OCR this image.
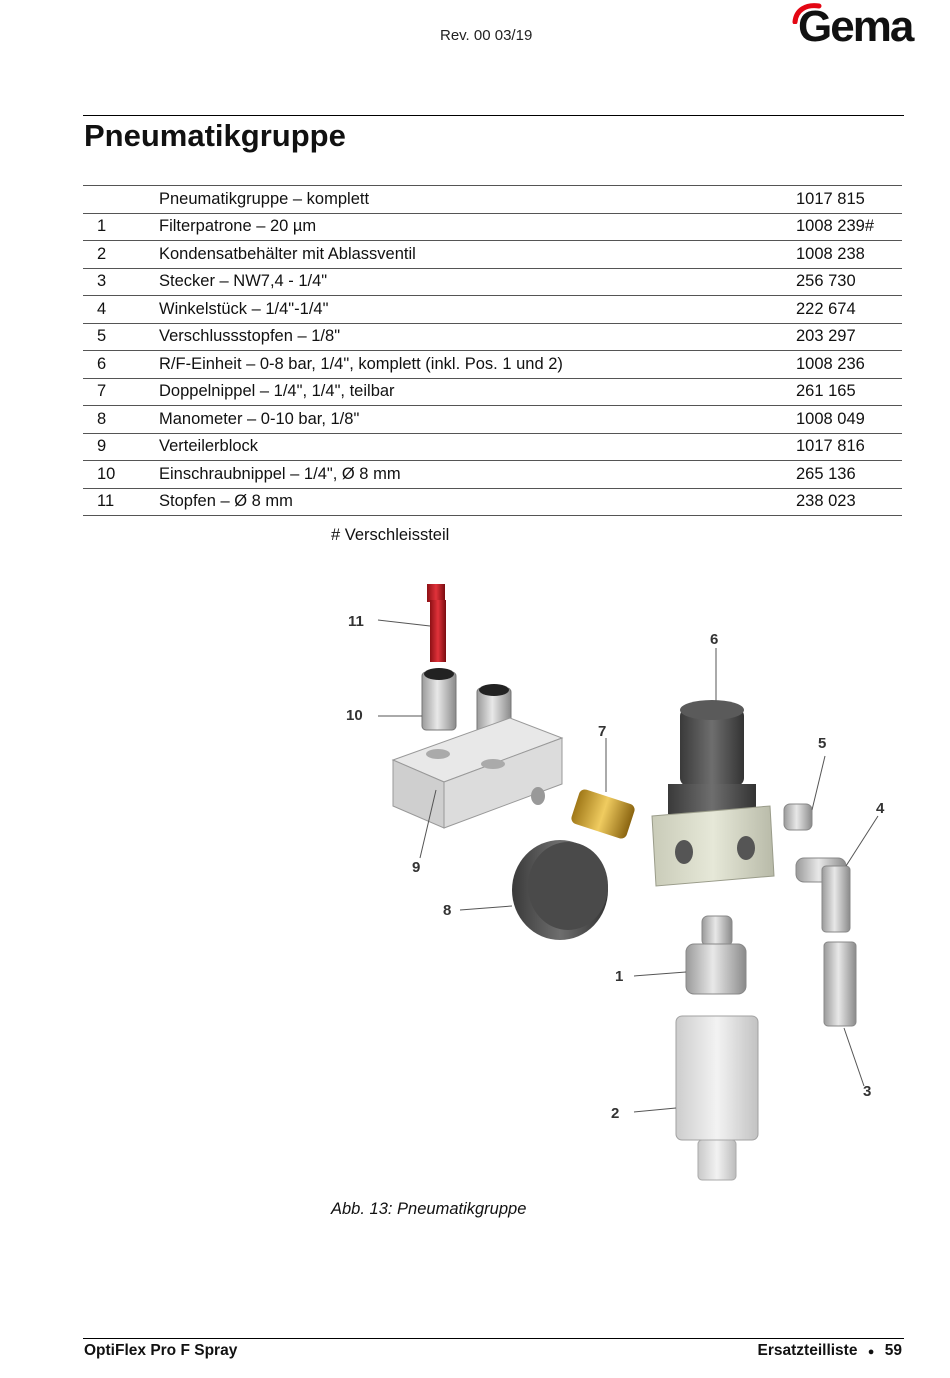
Rev. 00 03/19	Gema
Pneumatikgruppe
	Pneumatikgruppe – komplett	1017 815
1	Filterpatrone – 20 µm	1008 239#
2	Kondensatbehälter mit Ablassventil	1008 238
3	Stecker – NW7,4 - 1/4"	256 730
4	Winkelstück – 1/4"-1/4"	222 674
5	Verschlussstopfen – 1/8"	203 297
6	R/F-Einheit – 0-8 bar, 1/4", komplett (inkl. Pos. 1 und 2)	1008 236
7	Doppelnippel – 1/4", 1/4", teilbar	261 165
8	Manometer – 0-10 bar, 1/8"	1008 049
9	Verteilerblock	1017 816
10	Einschraubnippel – 1/4", Ø 8 mm	265 136
11	Stopfen – Ø 8 mm	238 023
# Verschleissteil
11
10
7
6
5
4
9
8
1
3
2
Abb. 13: Pneumatikgruppe
OptiFlex Pro F Spray	Ersatzteilliste ● 59
